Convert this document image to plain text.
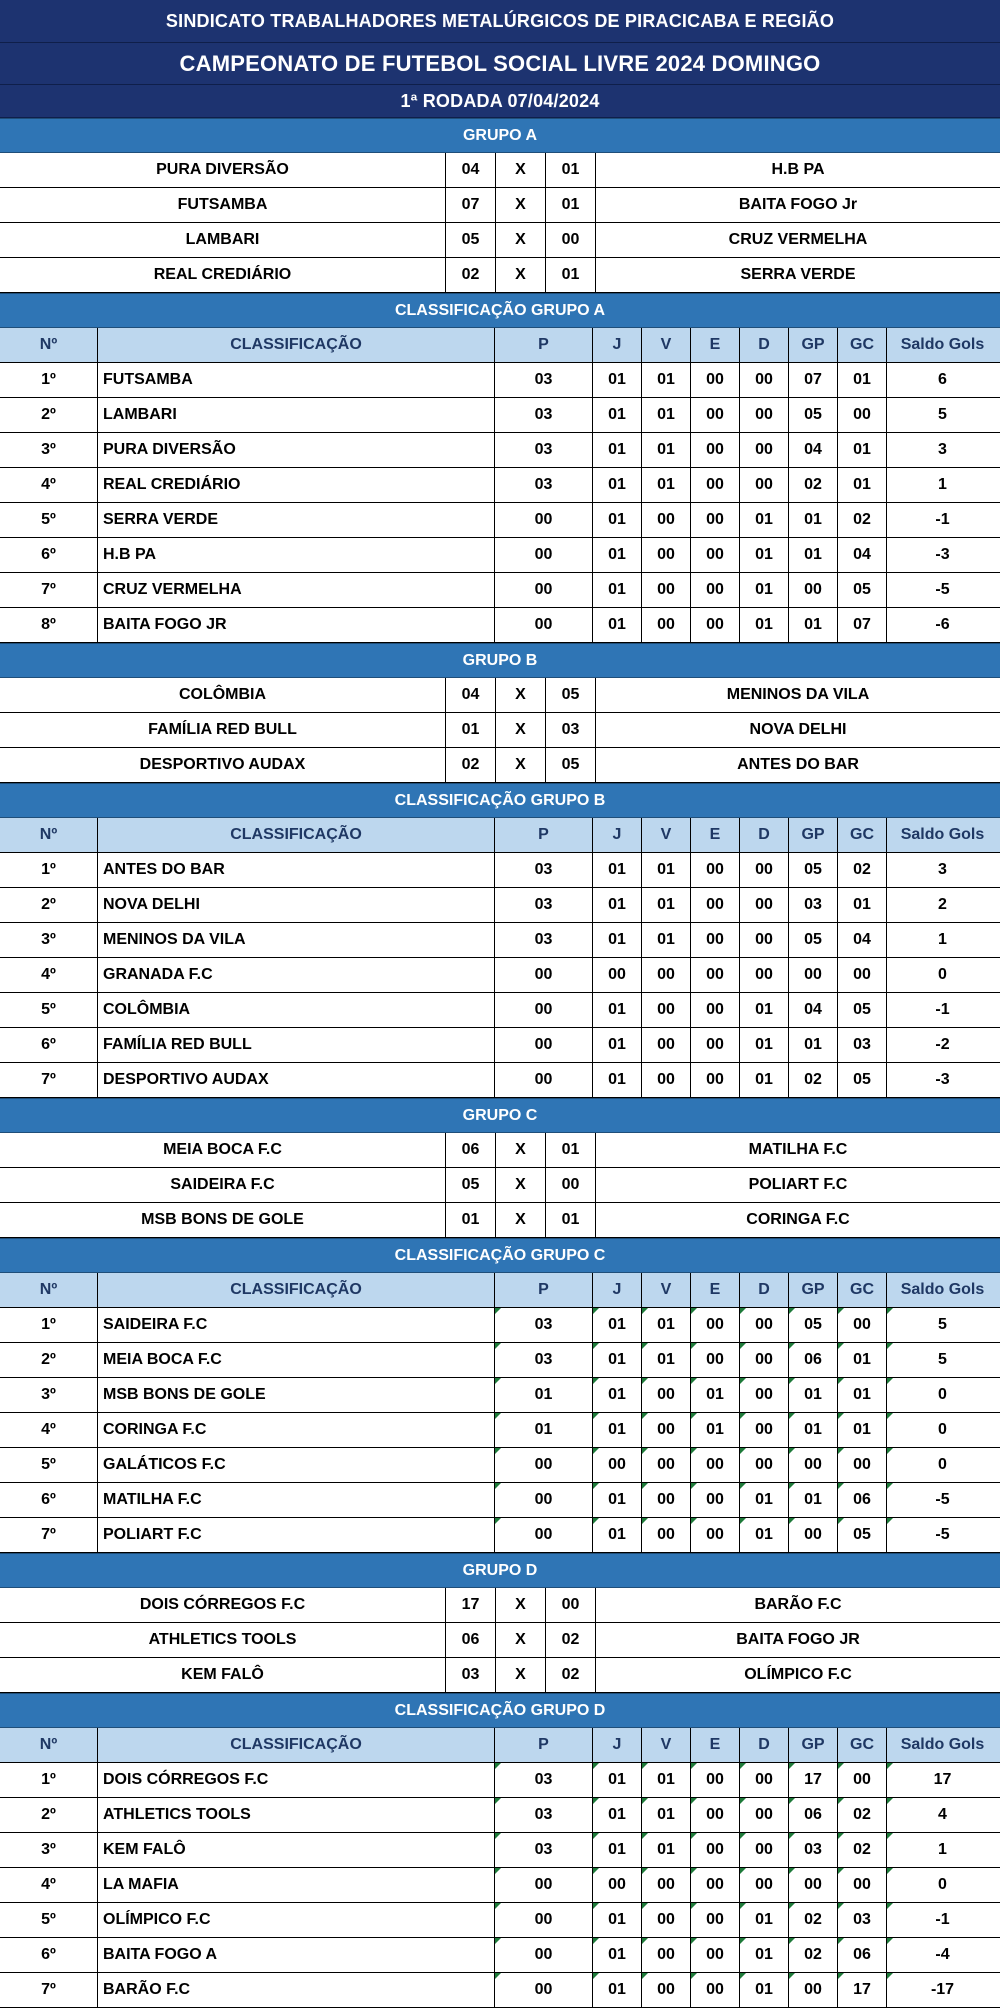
SINDICATO TRABALHADORES METALÚRGICOS DE PIRACICABA E REGIÃO
CAMPEONATO DE FUTEBOL SOCIAL LIVRE 2024 DOMINGO
1ª RODADA 07/04/2024
GRUPO A
PURA DIVERSÃO	04	X	01	H.B PA
FUTSAMBA	07	X	01	BAITA FOGO Jr
LAMBARI	05	X	00	CRUZ VERMELHA
REAL CREDIÁRIO	02	X	01	SERRA VERDE
CLASSIFICAÇÃO GRUPO A
Nº	CLASSIFICAÇÃO	P	J	V	E	D	GP	GC	Saldo Gols
1º	FUTSAMBA	03	01	01	00	00	07	01	6
2º	LAMBARI	03	01	01	00	00	05	00	5
3º	PURA DIVERSÃO	03	01	01	00	00	04	01	3
4º	REAL CREDIÁRIO	03	01	01	00	00	02	01	1
5º	SERRA VERDE	00	01	00	00	01	01	02	-1
6º	H.B PA	00	01	00	00	01	01	04	-3
7º	CRUZ VERMELHA	00	01	00	00	01	00	05	-5
8º	BAITA FOGO JR	00	01	00	00	01	01	07	-6
GRUPO B
COLÔMBIA	04	X	05	MENINOS DA VILA
FAMÍLIA RED BULL	01	X	03	NOVA DELHI
DESPORTIVO AUDAX	02	X	05	ANTES DO BAR
CLASSIFICAÇÃO GRUPO B
Nº	CLASSIFICAÇÃO	P	J	V	E	D	GP	GC	Saldo Gols
1º	ANTES DO BAR	03	01	01	00	00	05	02	3
2º	NOVA DELHI	03	01	01	00	00	03	01	2
3º	MENINOS DA VILA	03	01	01	00	00	05	04	1
4º	GRANADA F.C	00	00	00	00	00	00	00	0
5º	COLÔMBIA	00	01	00	00	01	04	05	-1
6º	FAMÍLIA RED BULL	00	01	00	00	01	01	03	-2
7º	DESPORTIVO AUDAX	00	01	00	00	01	02	05	-3
GRUPO C
MEIA BOCA F.C	06	X	01	MATILHA F.C
SAIDEIRA F.C	05	X	00	POLIART F.C
MSB BONS DE GOLE	01	X	01	CORINGA F.C
CLASSIFICAÇÃO GRUPO C
Nº	CLASSIFICAÇÃO	P	J	V	E	D	GP	GC	Saldo Gols
1º	SAIDEIRA F.C	03	01	01	00	00	05	00	5
2º	MEIA BOCA F.C	03	01	01	00	00	06	01	5
3º	MSB BONS DE GOLE	01	01	00	01	00	01	01	0
4º	CORINGA F.C	01	01	00	01	00	01	01	0
5º	GALÁTICOS F.C	00	00	00	00	00	00	00	0
6º	MATILHA F.C	00	01	00	00	01	01	06	-5
7º	POLIART F.C	00	01	00	00	01	00	05	-5
GRUPO D
DOIS CÓRREGOS F.C	17	X	00	BARÃO F.C
ATHLETICS TOOLS	06	X	02	BAITA FOGO JR
KEM FALÔ	03	X	02	OLÍMPICO F.C
CLASSIFICAÇÃO GRUPO D
Nº	CLASSIFICAÇÃO	P	J	V	E	D	GP	GC	Saldo Gols
1º	DOIS CÓRREGOS F.C	03	01	01	00	00	17	00	17
2º	ATHLETICS TOOLS	03	01	01	00	00	06	02	4
3º	KEM FALÔ	03	01	01	00	00	03	02	1
4º	LA MAFIA	00	00	00	00	00	00	00	0
5º	OLÍMPICO F.C	00	01	00	00	01	02	03	-1
6º	BAITA FOGO A	00	01	00	00	01	02	06	-4
7º	BARÃO F.C	00	01	00	00	01	00	17	-17
